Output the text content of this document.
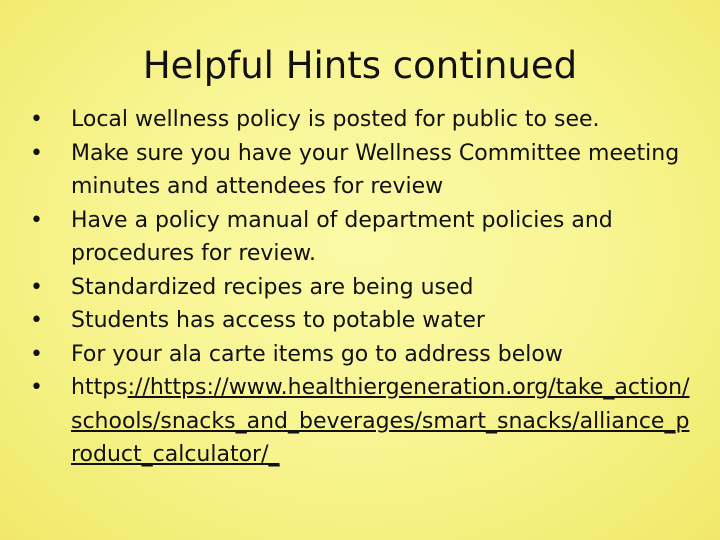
Helpful Hints continued
• Local wellness policy is posted for public to see.
• Make sure you have your Wellness Committee meeting minutes and attendees for review
• Have a policy manual of department policies and procedures for review.
• Standardized recipes are being used
• Students has access to potable water
• For your ala carte items go to address below
• https://https://www.healthiergeneration.org/take_action/schools/snacks_and_beverages/smart_snacks/alliance_product_calculator/_
